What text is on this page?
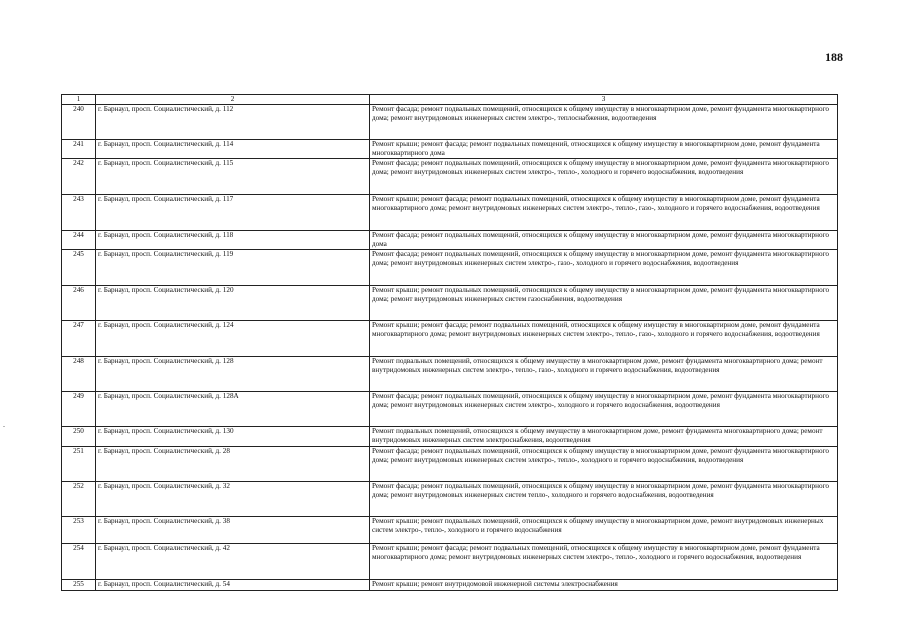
188
.
1	2	3
240	г. Барнаул, просп. Социалистический, д. 112	Ремонт фасада; ремонт подвальных помещений, относящихся к общему имуществу в многоквартирном доме, ремонт фундамента многоквартирного дома; ремонт внутридомовых инженерных систем электро-, теплоснабжения, водоотведения
241	г. Барнаул, просп. Социалистический, д. 114	Ремонт крыши; ремонт фасада; ремонт подвальных помещений, относящихся к общему имуществу в многоквартирном доме, ремонт фундамента многоквартирного дома
242	г. Барнаул, просп. Социалистический, д. 115	Ремонт фасада; ремонт подвальных помещений, относящихся к общему имуществу в многоквартирном доме, ремонт фундамента многоквартирного дома; ремонт внутридомовых инженерных систем электро-, тепло-, холодного и горячего водоснабжения, водоотведения
243	г. Барнаул, просп. Социалистический, д. 117	Ремонт крыши; ремонт фасада; ремонт подвальных помещений, относящихся к общему имуществу в многоквартирном доме, ремонт фундамента многоквартирного дома; ремонт внутридомовых инженерных систем электро-, тепло-, газо-, холодного и горячего водоснабжения, водоотведения
244	г. Барнаул, просп. Социалистический, д. 118	Ремонт фасада; ремонт подвальных помещений, относящихся к общему имуществу в многоквартирном доме, ремонт фундамента многоквартирного дома
245	г. Барнаул, просп. Социалистический, д. 119	Ремонт фасада; ремонт подвальных помещений, относящихся к общему имуществу в многоквартирном доме, ремонт фундамента многоквартирного дома; ремонт внутридомовых инженерных систем электро-, газо-, холодного и горячего водоснабжения, водоотведения
246	г. Барнаул, просп. Социалистический, д. 120	Ремонт крыши; ремонт подвальных помещений, относящихся к общему имуществу в многоквартирном доме, ремонт фундамента многоквартирного дома; ремонт внутридомовых инженерных систем газоснабжения, водоотведения
247	г. Барнаул, просп. Социалистический, д. 124	Ремонт крыши; ремонт фасада; ремонт подвальных помещений, относящихся к общему имуществу в многоквартирном доме, ремонт фундамента многоквартирного дома; ремонт внутридомовых инженерных систем электро-, тепло-, газо-, холодного и горячего водоснабжения, водоотведения
248	г. Барнаул, просп. Социалистический, д. 128	Ремонт подвальных помещений, относящихся к общему имуществу в многоквартирном доме, ремонт фундамента многоквартирного дома; ремонт внутридомовых инженерных систем электро-, тепло-, газо-, холодного и горячего водоснабжения, водоотведения
249	г. Барнаул, просп. Социалистический, д. 128А	Ремонт фасада; ремонт подвальных помещений, относящихся к общему имуществу в многоквартирном доме, ремонт фундамента многоквартирного дома; ремонт внутридомовых инженерных систем электро-, холодного и горячего водоснабжения, водоотведения
250	г. Барнаул, просп. Социалистический, д. 130	Ремонт подвальных помещений, относящихся к общему имуществу в многоквартирном доме, ремонт фундамента многоквартирного дома; ремонт внутридомовых инженерных систем электроснабжения, водоотведения
251	г. Барнаул, просп. Социалистический, д. 28	Ремонт фасада; ремонт подвальных помещений, относящихся к общему имуществу в многоквартирном доме, ремонт фундамента многоквартирного дома; ремонт внутридомовых инженерных систем электро-, тепло-, холодного и горячего водоснабжения, водоотведения
252	г. Барнаул, просп. Социалистический, д. 32	Ремонт фасада; ремонт подвальных помещений, относящихся к общему имуществу в многоквартирном доме, ремонт фундамента многоквартирного дома; ремонт внутридомовых инженерных систем тепло-, холодного и горячего водоснабжения, водоотведения
253	г. Барнаул, просп. Социалистический, д. 38	Ремонт крыши; ремонт подвальных помещений, относящихся к общему имуществу в многоквартирном доме, ремонт внутридомовых инженерных систем электро-, тепло-, холодного и горячего водоснабжения
254	г. Барнаул, просп. Социалистический, д. 42	Ремонт крыши; ремонт фасада; ремонт подвальных помещений, относящихся к общему имуществу в многоквартирном доме, ремонт фундамента многоквартирного дома; ремонт внутридомовых инженерных систем электро-, тепло-, холодного и горячего водоснабжения, водоотведения
255	г. Барнаул, просп. Социалистический, д. 54	Ремонт крыши; ремонт внутридомовой инженерной системы электроснабжения
